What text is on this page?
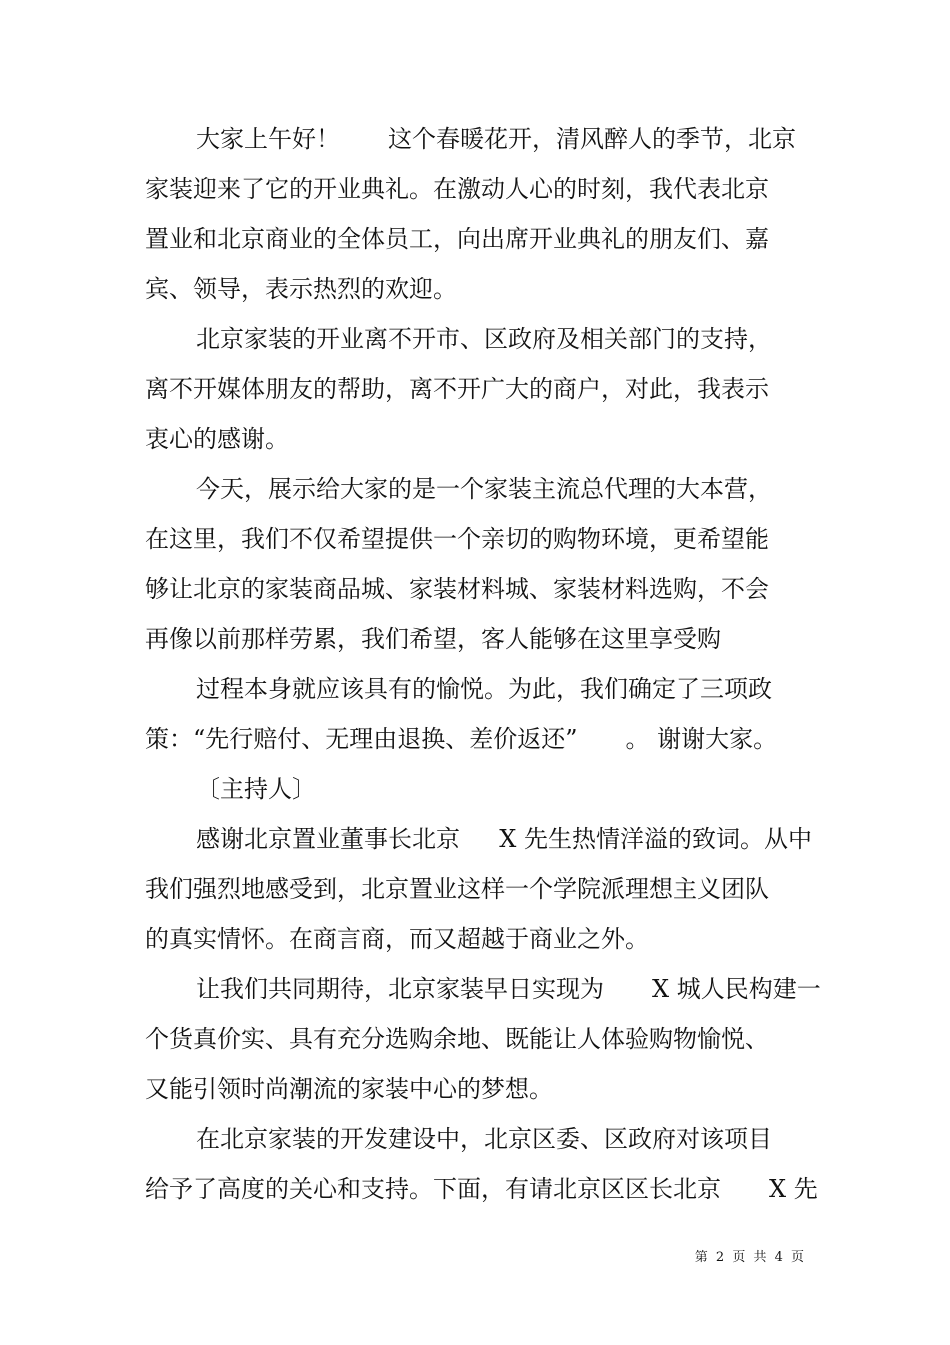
大家上午好！　　这个春暖花开，清风醉人的季节，北京

家装迎来了它的开业典礼。在激动人心的时刻，我代表北京

置业和北京商业的全体员工，向出席开业典礼的朋友们、嘉

宾、领导，表示热烈的欢迎。

北京家装的开业离不开市、区政府及相关部门的支持，

离不开媒体朋友的帮助，离不开广大的商户，对此，我表示

衷心的感谢。

今天，展示给大家的是一个家装主流总代理的大本营，

在这里，我们不仅希望提供一个亲切的购物环境，更希望能

够让北京的家装商品城、家装材料城、家装材料选购，不会

再像以前那样劳累，我们希望，客人能够在这里享受购

过程本身就应该具有的愉悦。为此，我们确定了三项政

策：“先行赔付、无理由退换、差价返还”　　。 谢谢大家。

〔主持人〕

感谢北京置业董事长北京　  X 先生热情洋溢的致词。从中

我们强烈地感受到，北京置业这样一个学院派理想主义团队

的真实情怀。在商言商，而又超越于商业之外。

让我们共同期待，北京家装早日实现为　　X 城人民构建一

个货真价实、具有充分选购余地、既能让人体验购物愉悦、

又能引领时尚潮流的家装中心的梦想。

在北京家装的开发建设中，北京区委、区政府对该项目

给予了高度的关心和支持。下面，有请北京区区长北京　　X 先

第 2 页 共 4 页
